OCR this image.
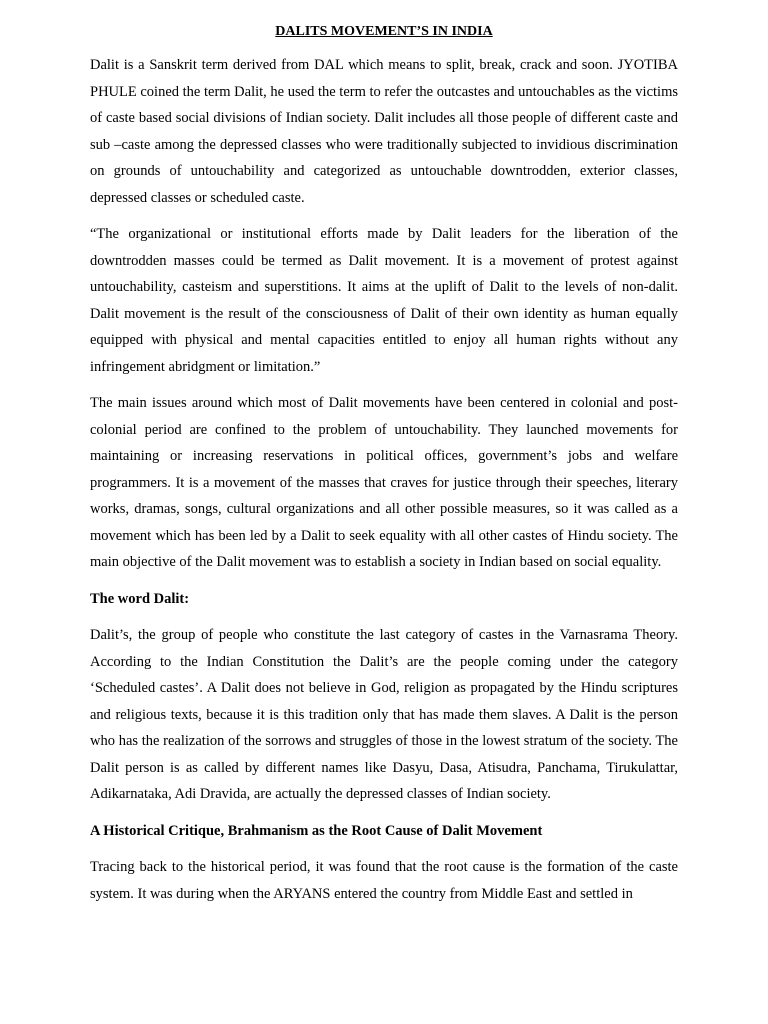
DALITS MOVEMENT’S IN INDIA

Dalit is a Sanskrit term derived from DAL which means to split, break, crack and soon. JYOTIBA PHULE coined the term Dalit, he used the term to refer the outcastes and untouchables as the victims of caste based social divisions of Indian society. Dalit includes all those people of different caste and sub –caste among the depressed classes who were traditionally subjected to invidious discrimination on grounds of untouchability and categorized as untouchable downtrodden, exterior classes, depressed classes or scheduled caste.

“The organizational or institutional efforts made by Dalit leaders for the liberation of the downtrodden masses could be termed as Dalit movement. It is a movement of protest against untouchability, casteism and superstitions. It aims at the uplift of Dalit to the levels of non-dalit. Dalit movement is the result of the consciousness of Dalit of their own identity as human equally equipped with physical and mental capacities entitled to enjoy all human rights without any infringement abridgment or limitation.”

The main issues around which most of Dalit movements have been centered in colonial and post-colonial period are confined to the problem of untouchability. They launched movements for maintaining or increasing reservations in political offices, government’s jobs and welfare programmers. It is a movement of the masses that craves for justice through their speeches, literary works, dramas, songs, cultural organizations and all other possible measures, so it was called as a movement which has been led by a Dalit to seek equality with all other castes of Hindu society. The main objective of the Dalit movement was to establish a society in Indian based on social equality.

The word Dalit:

Dalit’s, the group of people who constitute the last category of castes in the Varnasrama Theory. According to the Indian Constitution the Dalit’s are the people coming under the category ‘Scheduled castes’. A Dalit does not believe in God, religion as propagated by the Hindu scriptures and religious texts, because it is this tradition only that has made them slaves. A Dalit is the person who has the realization of the sorrows and struggles of those in the lowest stratum of the society. The Dalit person is as called by different names like Dasyu, Dasa, Atisudra, Panchama, Tirukulattar, Adikarnataka, Adi Dravida, are actually the depressed classes of Indian society.

A Historical Critique, Brahmanism as the Root Cause of Dalit Movement

Tracing back to the historical period, it was found that the root cause is the formation of the caste system. It was during when the ARYANS entered the country from Middle East and settled in
